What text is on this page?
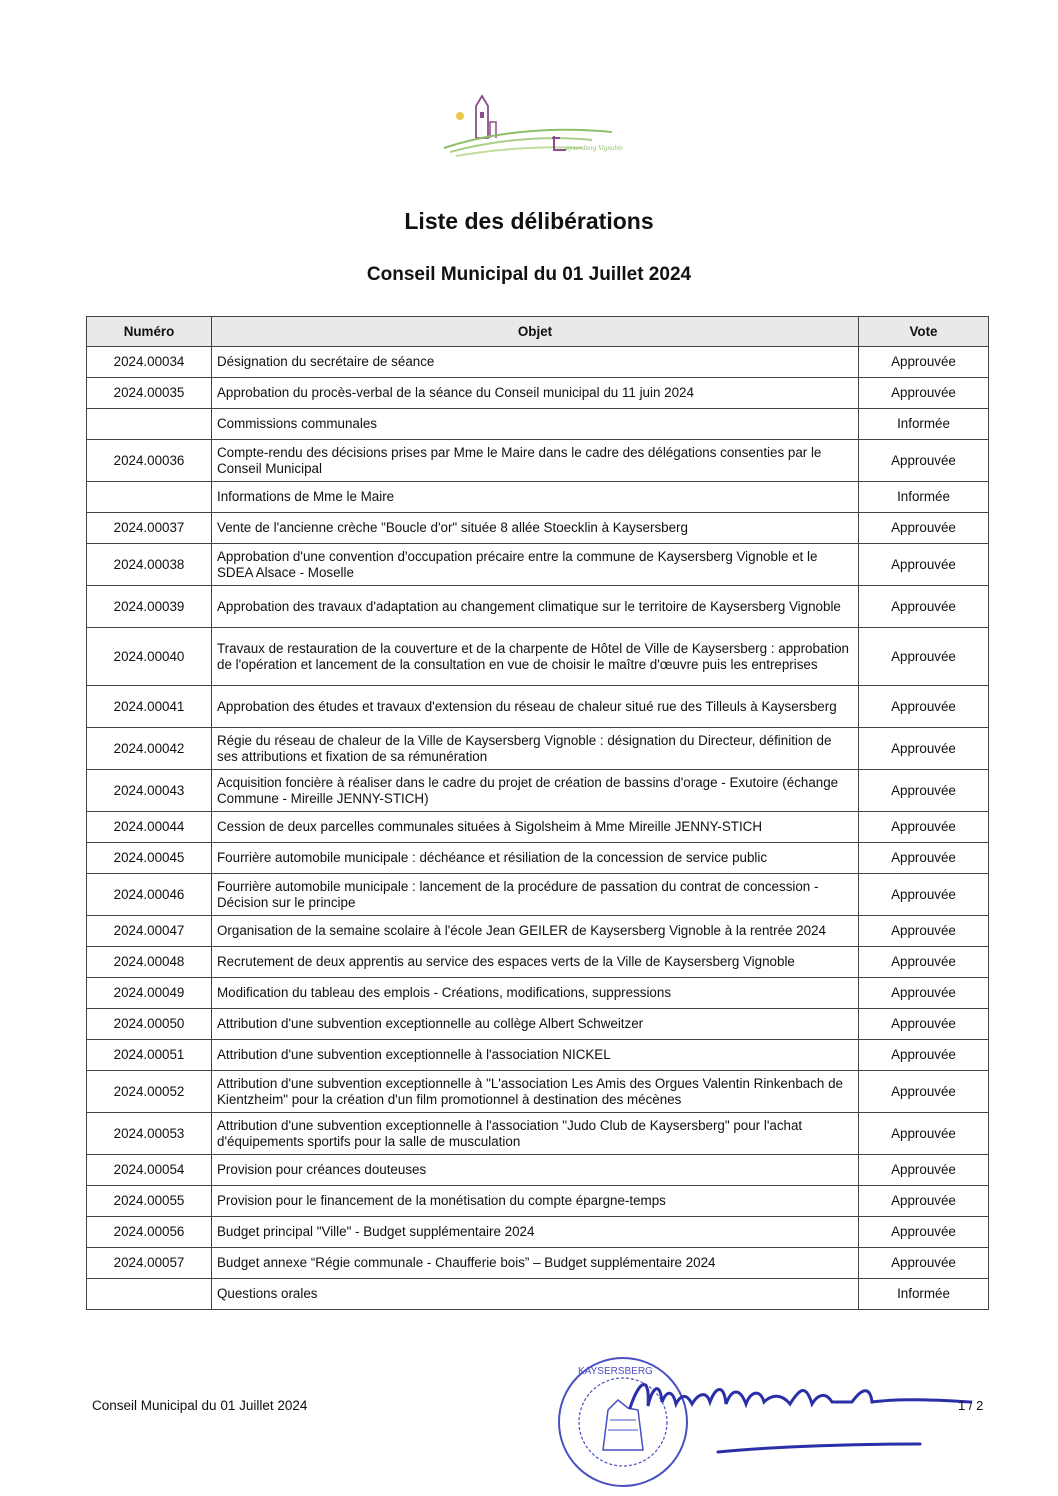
aysersberg Vignoble
Liste des délibérations
Conseil Municipal du 01 Juillet 2024
Numéro	Objet	Vote
2024.00034	Désignation du secrétaire de séance	Approuvée
2024.00035	Approbation du procès-verbal de la séance du Conseil municipal du 11 juin 2024	Approuvée
	Commissions communales	Informée
2024.00036	Compte-rendu des décisions prises par Mme le Maire dans le cadre des délégations consenties par le Conseil Municipal	Approuvée
	Informations de Mme le Maire	Informée
2024.00037	Vente de l'ancienne crèche "Boucle d'or" située 8 allée Stoecklin à Kaysersberg	Approuvée
2024.00038	Approbation d'une convention d'occupation précaire entre la commune de Kaysersberg Vignoble et le SDEA Alsace - Moselle	Approuvée
2024.00039	Approbation des travaux d'adaptation au changement climatique sur le territoire de Kaysersberg Vignoble	Approuvée
2024.00040	Travaux de restauration de la couverture et de la charpente de Hôtel de Ville de Kaysersberg : approbation de l'opération et lancement de la consultation en vue de choisir le maître d'œuvre puis les entreprises	Approuvée
2024.00041	Approbation des études et travaux d'extension du réseau de chaleur situé rue des Tilleuls à Kaysersberg	Approuvée
2024.00042	Régie du réseau de chaleur de la Ville de Kaysersberg Vignoble : désignation du Directeur, définition de ses attributions et fixation de sa rémunération	Approuvée
2024.00043	Acquisition foncière à réaliser dans le cadre du projet de création de bassins d'orage - Exutoire (échange Commune - Mireille JENNY-STICH)	Approuvée
2024.00044	Cession de deux parcelles communales situées à Sigolsheim à Mme Mireille JENNY-STICH	Approuvée
2024.00045	Fourrière automobile municipale : déchéance et résiliation de la concession de service public	Approuvée
2024.00046	Fourrière automobile municipale : lancement de la procédure de passation du contrat de concession - Décision sur le principe	Approuvée
2024.00047	Organisation de la semaine scolaire à l'école Jean GEILER de Kaysersberg Vignoble à la rentrée 2024	Approuvée
2024.00048	Recrutement de deux apprentis au service des espaces verts de la Ville de Kaysersberg Vignoble	Approuvée
2024.00049	Modification du tableau des emplois - Créations, modifications, suppressions	Approuvée
2024.00050	Attribution d'une subvention exceptionnelle au collège Albert Schweitzer	Approuvée
2024.00051	Attribution d'une subvention exceptionnelle à l'association NICKEL	Approuvée
2024.00052	Attribution d'une subvention exceptionnelle à "L'association Les Amis des Orgues Valentin Rinkenbach de Kientzheim" pour la création d'un film promotionnel à destination des mécènes	Approuvée
2024.00053	Attribution d'une subvention exceptionnelle à l'association "Judo Club de Kaysersberg" pour l'achat d'équipements sportifs pour la salle de musculation	Approuvée
2024.00054	Provision pour créances douteuses	Approuvée
2024.00055	Provision pour le financement de la monétisation du compte épargne-temps	Approuvée
2024.00056	Budget principal "Ville" - Budget supplémentaire 2024	Approuvée
2024.00057	Budget annexe “Régie communale - Chaufferie bois” – Budget supplémentaire 2024	Approuvée
	Questions orales	Informée
KAYSERSBERG
Conseil Municipal du 01 Juillet 2024	1 / 2
